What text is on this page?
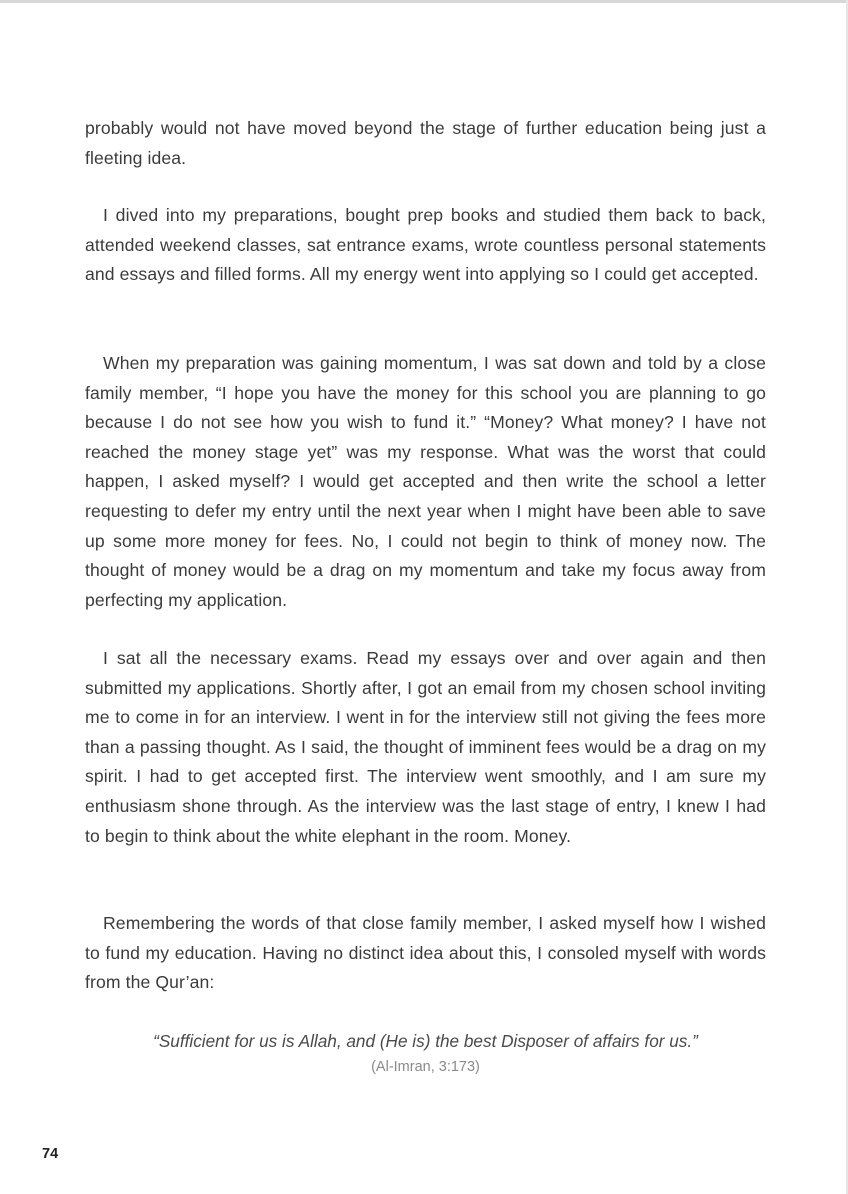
probably would not have moved beyond the stage of further education being just a fleeting idea.

I dived into my preparations, bought prep books and studied them back to back, attended weekend classes, sat entrance exams, wrote countless personal statements and essays and filled forms. All my energy went into applying so I could get accepted.

When my preparation was gaining momentum, I was sat down and told by a close family member, “I hope you have the money for this school you are planning to go because I do not see how you wish to fund it.” “Money? What money? I have not reached the money stage yet” was my response. What was the worst that could happen, I asked myself? I would get accepted and then write the school a letter requesting to defer my entry until the next year when I might have been able to save up some more money for fees. No, I could not begin to think of money now. The thought of money would be a drag on my momentum and take my focus away from perfecting my application.

I sat all the necessary exams. Read my essays over and over again and then submitted my applications. Shortly after, I got an email from my chosen school inviting me to come in for an interview. I went in for the interview still not giving the fees more than a passing thought. As I said, the thought of imminent fees would be a drag on my spirit. I had to get accepted first. The interview went smoothly, and I am sure my enthusiasm shone through. As the interview was the last stage of entry, I knew I had to begin to think about the white elephant in the room. Money.

Remembering the words of that close family member, I asked myself how I wished to fund my education. Having no distinct idea about this, I consoled myself with words from the Qur’an:

“Sufficient for us is Allah, and (He is) the best Disposer of affairs for us.”
(Al-Imran, 3:173)
74
